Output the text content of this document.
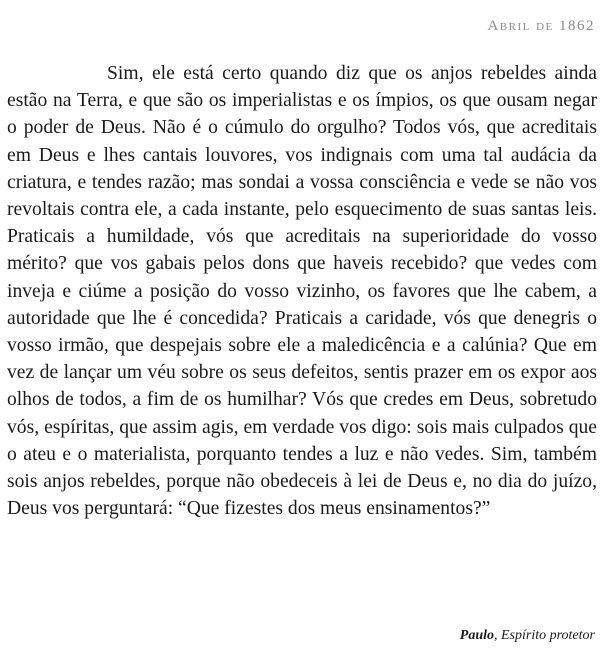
Abril de 1862

Sim, ele está certo quando diz que os anjos rebeldes ainda estão na Terra, e que são os imperialistas e os ímpios, os que ousam negar o poder de Deus. Não é o cúmulo do orgulho? Todos vós, que acreditais em Deus e lhes cantais louvores, vos indignais com uma tal audácia da criatura, e tendes razão; mas sondai a vossa consciência e vede se não vos revoltais contra ele, a cada instante, pelo esquecimento de suas santas leis. Praticais a humildade, vós que acreditais na superioridade do vosso mérito? que vos gabais pelos dons que haveis recebido? que vedes com inveja e ciúme a posição do vosso vizinho, os favores que lhe cabem, a autoridade que lhe é concedida? Praticais a caridade, vós que denegris o vosso irmão, que despejais sobre ele a maledicência e a calúnia? Que em vez de lançar um véu sobre os seus defeitos, sentis prazer em os expor aos olhos de todos, a fim de os humilhar? Vós que credes em Deus, sobretudo vós, espíritas, que assim agis, em verdade vos digo: sois mais culpados que o ateu e o materialista, porquanto tendes a luz e não vedes. Sim, também sois anjos rebeldes, porque não obedeceis à lei de Deus e, no dia do juízo, Deus vos perguntará: “Que fizestes dos meus ensinamentos?”

Paulo, Espírito protetor
